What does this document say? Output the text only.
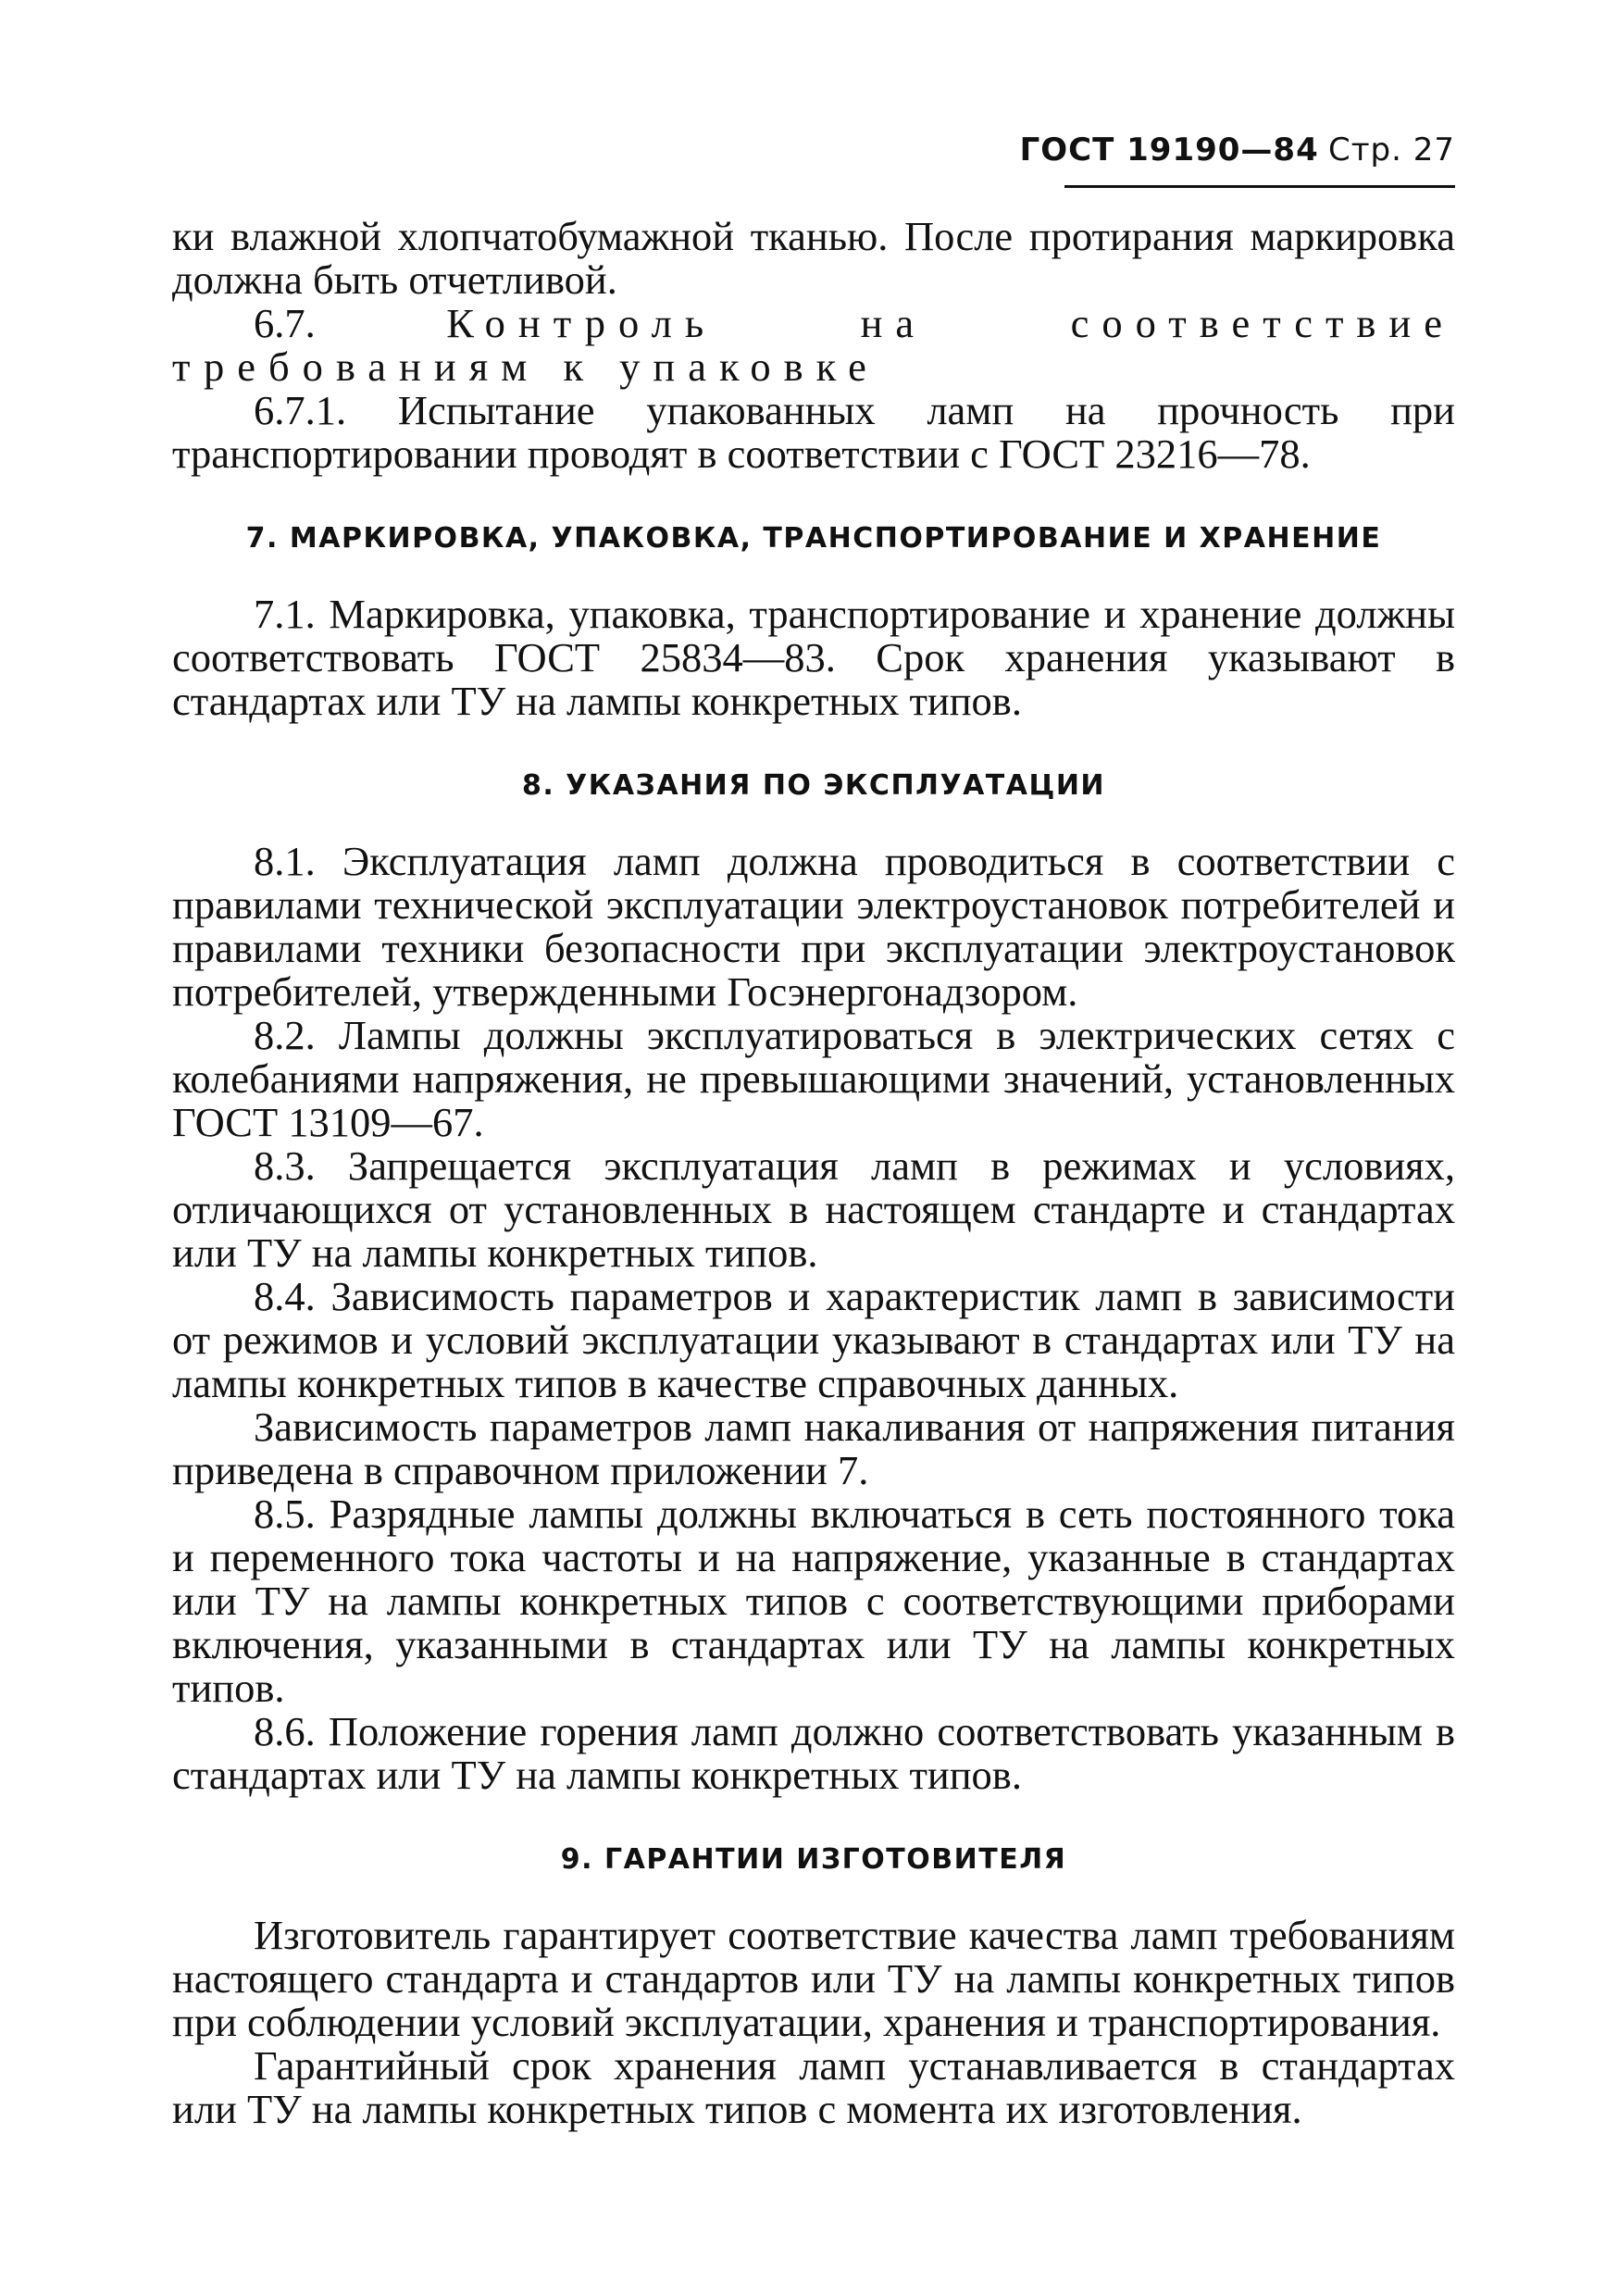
ГОСТ 19190—84 Стр. 27

ки влажной хлопчатобумажной тканью. После протирания маркировка должна быть отчетливой.

6.7.	Контроль на соответствие требованиям к упаковке

6.7.1. Испытание упакованных ламп на прочность при транспортировании проводят в соответствии с ГОСТ 23216—78.

7. МАРКИРОВКА, УПАКОВКА, ТРАНСПОРТИРОВАНИЕ И ХРАНЕНИЕ

7.1. Маркировка, упаковка, транспортирование и хранение должны соответствовать ГОСТ 25834—83. Срок хранения указывают в стандартах или ТУ на лампы конкретных типов.

8. УКАЗАНИЯ ПО ЭКСПЛУАТАЦИИ

8.1. Эксплуатация ламп должна проводиться в соответствии с правилами технической эксплуатации электроустановок потребителей и правилами техники безопасности при эксплуатации электроустановок потребителей, утвержденными Госэнергонадзором.

8.2. Лампы должны эксплуатироваться в электрических сетях с колебаниями напряжения, не превышающими значений, установленных ГОСТ 13109—67.

8.3. Запрещается эксплуатация ламп в режимах и условиях, отличающихся от установленных в настоящем стандарте и стандартах или ТУ на лампы конкретных типов.

8.4. Зависимость параметров и характеристик ламп в зависимости от режимов и условий эксплуатации указывают в стандартах или ТУ на лампы конкретных типов в качестве справочных данных.

Зависимость параметров ламп накаливания от напряжения питания приведена в справочном приложении 7.

8.5. Разрядные лампы должны включаться в сеть постоянного тока и переменного тока частоты и на напряжение, указанные в стандартах или ТУ на лампы конкретных типов с соответствующими приборами включения, указанными в стандартах или ТУ на лампы конкретных типов.

8.6. Положение горения ламп должно соответствовать указанным в стандартах или ТУ на лампы конкретных типов.

9. ГАРАНТИИ ИЗГОТОВИТЕЛЯ

Изготовитель гарантирует соответствие качества ламп требованиям настоящего стандарта и стандартов или ТУ на лампы конкретных типов при соблюдении условий эксплуатации, хранения и транспортирования.

Гарантийный срок хранения ламп устанавливается в стандартах или ТУ на лампы конкретных типов с момента их изготовления.
